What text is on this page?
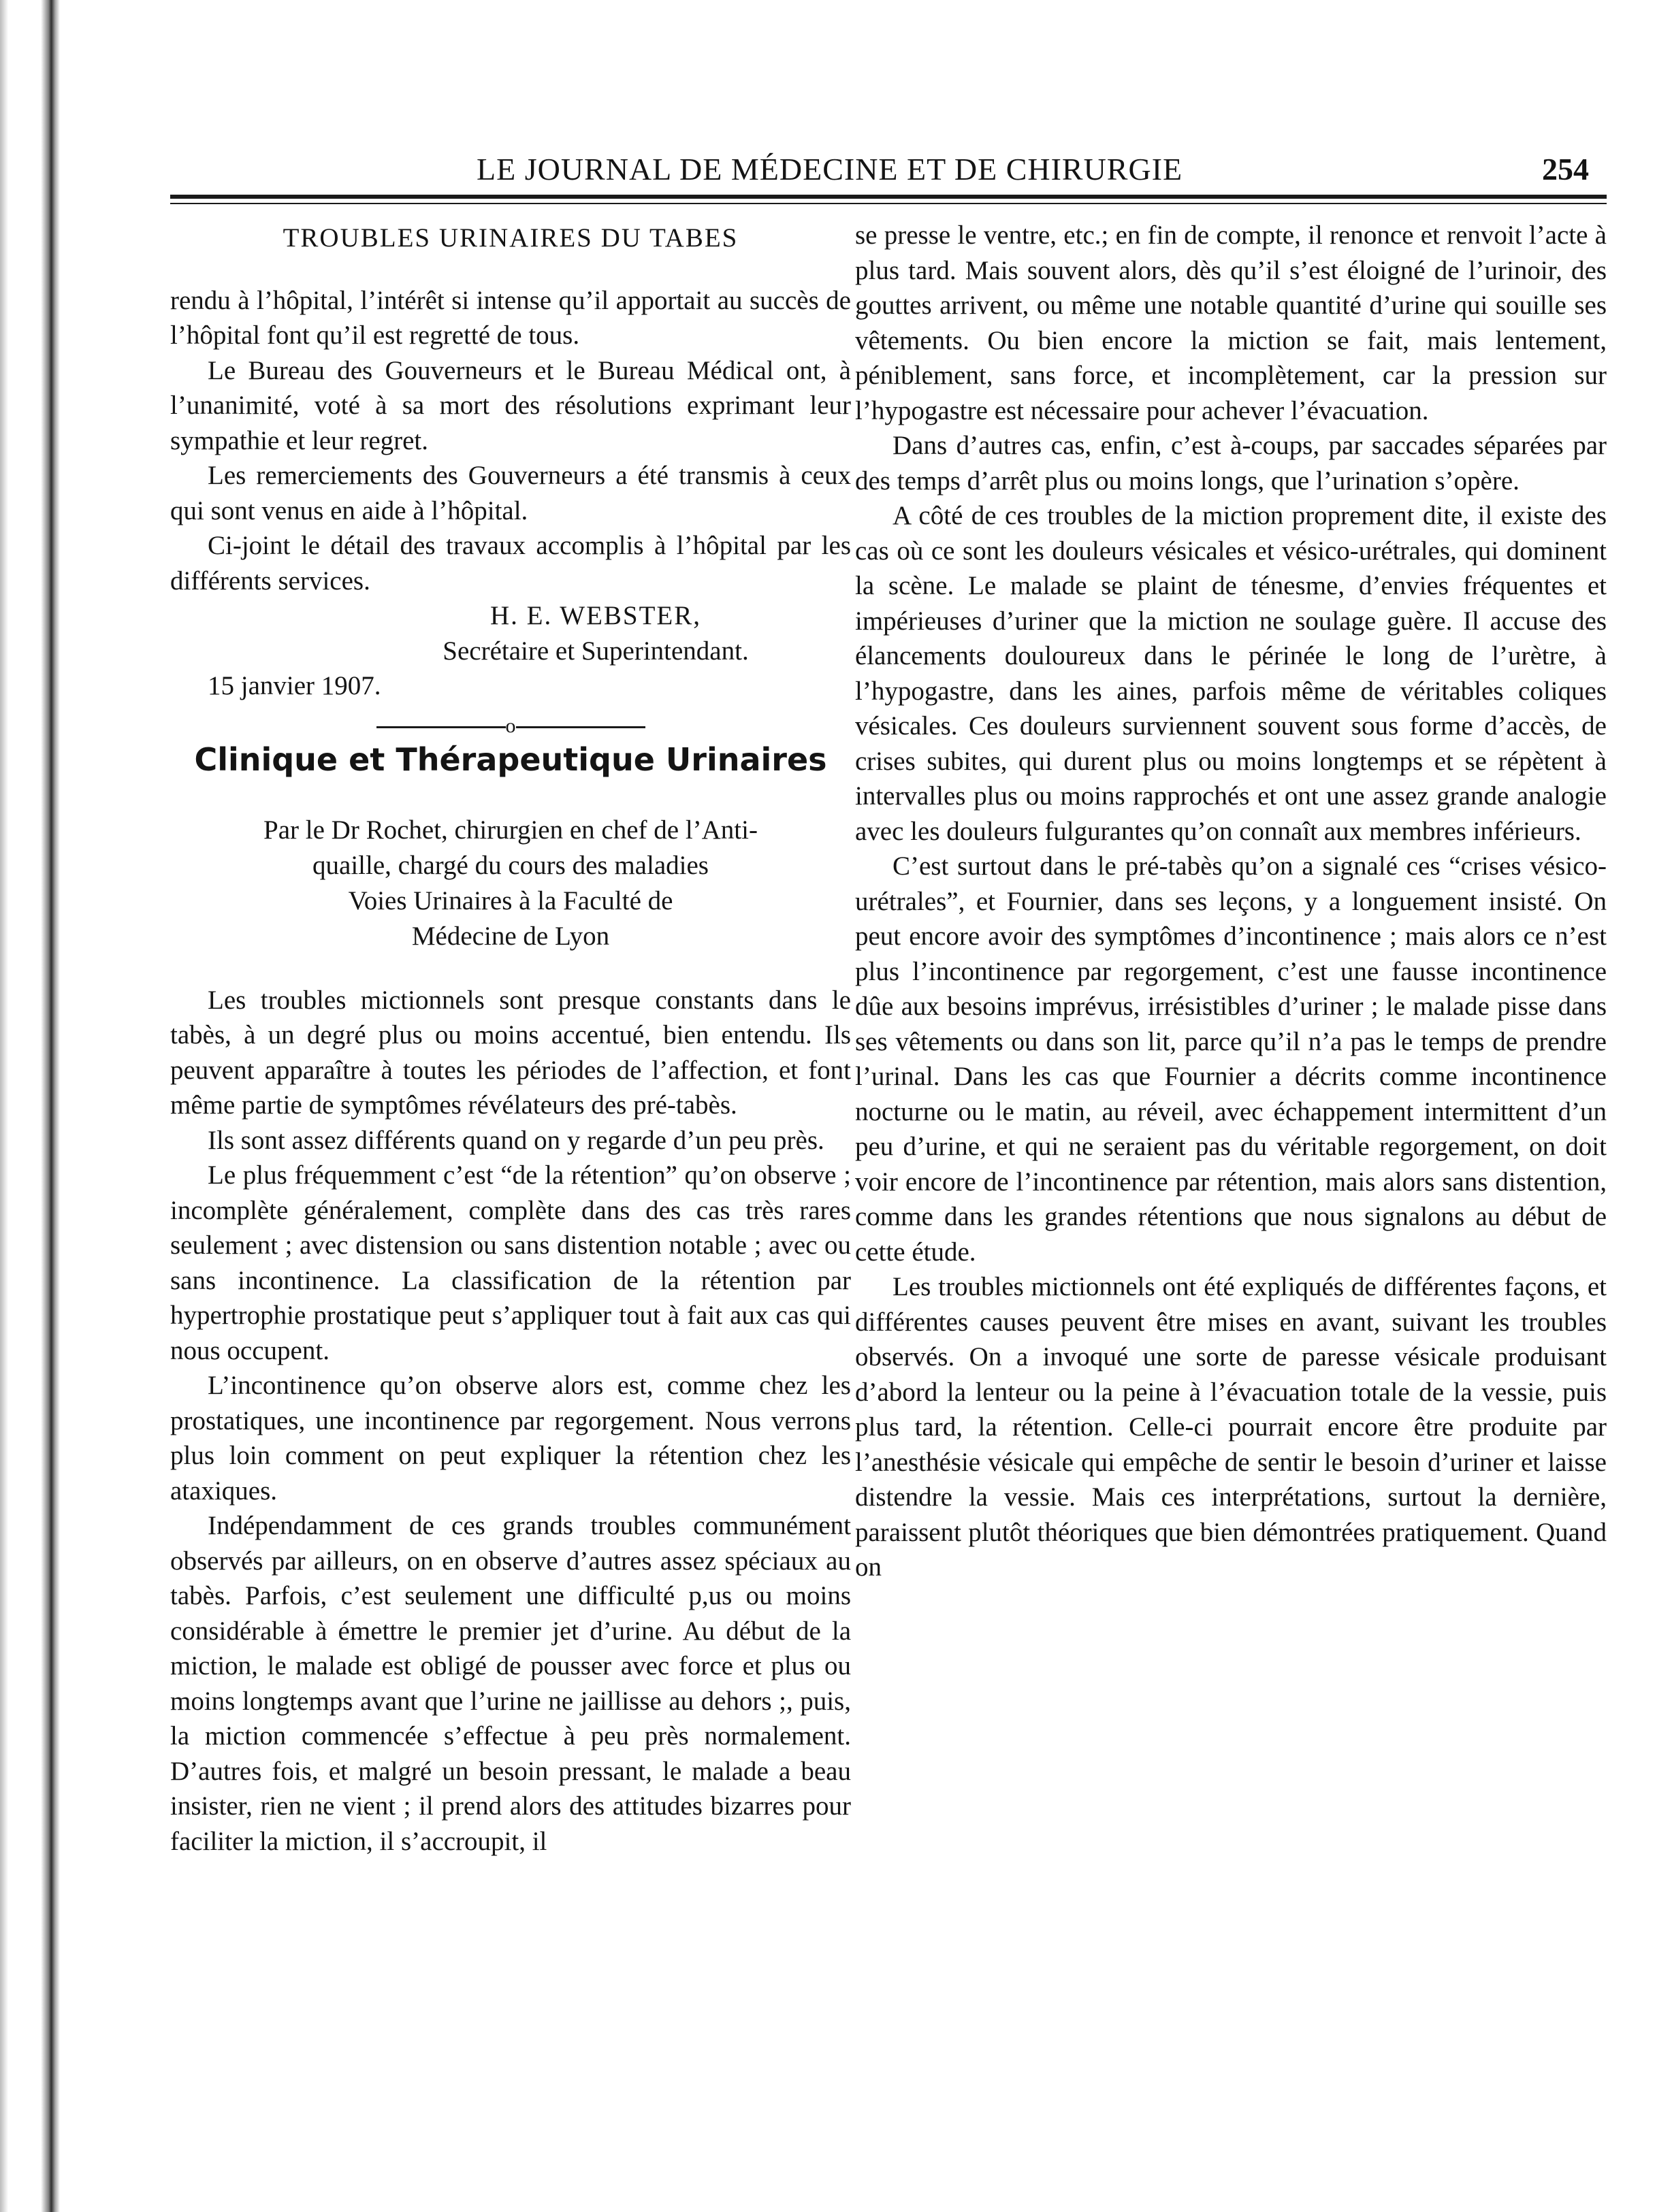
LE JOURNAL DE MÉDECINE ET DE CHIRURGIE	254
TROUBLES URINAIRES DU TABES

rendu à l’hôpital, l’intérêt si intense qu’il apportait au succès de l’hôpital font qu’il est regretté de tous.

Le Bureau des Gouverneurs et le Bureau Médical ont, à l’unanimité, voté à sa mort des résolutions exprimant leur sympathie et leur regret.

Les remerciements des Gouverneurs a été transmis à ceux qui sont venus en aide à l’hôpital.

Ci-joint le détail des travaux accomplis à l’hôpital par les différents services.

H. E. WEBSTER,
Secrétaire et Superintendant.

15 janvier 1907.

o
Clinique et Thérapeutique Urinaires
Par le Dr Rochet, chirurgien en chef de l’Anti-
quaille, chargé du cours des maladies
Voies Urinaires à la Faculté de
Médecine de Lyon

Les troubles mictionnels sont presque constants dans le tabès, à un degré plus ou moins accentué, bien entendu. Ils peuvent apparaître à toutes les périodes de l’affection, et font même partie de symptômes révélateurs des pré-tabès.

Ils sont assez différents quand on y regarde d’un peu près.

Le plus fréquemment c’est “de la rétention” qu’on observe ; incomplète généralement, complète dans des cas très rares seulement ; avec distension ou sans distention notable ; avec ou sans incontinence. La classification de la rétention par hypertrophie prostatique peut s’appliquer tout à fait aux cas qui nous occupent.

L’incontinence qu’on observe alors est, comme chez les prostatiques, une incontinence par regorgement. Nous verrons plus loin comment on peut expliquer la rétention chez les ataxiques.

Indépendamment de ces grands troubles communément observés par ailleurs, on en observe d’autres assez spéciaux au tabès. Parfois, c’est seulement une difficulté p,us ou moins considérable à émettre le premier jet d’urine. Au début de la miction, le malade est obligé de pousser avec force et plus ou moins longtemps avant que l’urine ne jaillisse au dehors ;, puis, la miction commencée s’effectue à peu près normalement. D’autres fois, et malgré un besoin pressant, le malade a beau insister, rien ne vient ; il prend alors des attitudes bizarres pour faciliter la miction, il s’accroupit, il

se presse le ventre, etc.; en fin de compte, il renonce et renvoit l’acte à plus tard. Mais souvent alors, dès qu’il s’est éloigné de l’urinoir, des gouttes arrivent, ou même une notable quantité d’urine qui souille ses vêtements. Ou bien encore la miction se fait, mais lentement, péniblement, sans force, et incomplètement, car la pression sur l’hypogastre est nécessaire pour achever l’évacuation.

Dans d’autres cas, enfin, c’est à-coups, par saccades séparées par des temps d’arrêt plus ou moins longs, que l’urination s’opère.

A côté de ces troubles de la miction proprement dite, il existe des cas où ce sont les douleurs vésicales et vésico-urétrales, qui dominent la scène. Le malade se plaint de ténesme, d’envies fréquentes et impérieuses d’uriner que la miction ne soulage guère. Il accuse des élancements douloureux dans le périnée le long de l’urètre, à l’hypogastre, dans les aines, parfois même de véritables coliques vésicales. Ces douleurs surviennent souvent sous forme d’accès, de crises subites, qui durent plus ou moins longtemps et se répètent à intervalles plus ou moins rapprochés et ont une assez grande analogie avec les douleurs fulgurantes qu’on connaît aux membres inférieurs.

C’est surtout dans le pré-tabès qu’on a signalé ces “crises vésico-urétrales”, et Fournier, dans ses leçons, y a longuement insisté. On peut encore avoir des symptômes d’incontinence ; mais alors ce n’est plus l’incontinence par regorgement, c’est une fausse incontinence dûe aux besoins imprévus, irrésistibles d’uriner ; le malade pisse dans ses vêtements ou dans son lit, parce qu’il n’a pas le temps de prendre l’urinal. Dans les cas que Fournier a décrits comme incontinence nocturne ou le matin, au réveil, avec échappement intermittent d’un peu d’urine, et qui ne seraient pas du véritable regorgement, on doit voir encore de l’incontinence par rétention, mais alors sans distention, comme dans les grandes rétentions que nous signalons au début de cette étude.

Les troubles mictionnels ont été expliqués de différentes façons, et différentes causes peuvent être mises en avant, suivant les troubles observés. On a invoqué une sorte de paresse vésicale produisant d’abord la lenteur ou la peine à l’évacuation totale de la vessie, puis plus tard, la rétention. Celle-ci pourrait encore être produite par l’anesthésie vésicale qui empêche de sentir le besoin d’uriner et laisse distendre la vessie. Mais ces interprétations, surtout la dernière, paraissent plutôt théoriques que bien démontrées pratiquement. Quand on
